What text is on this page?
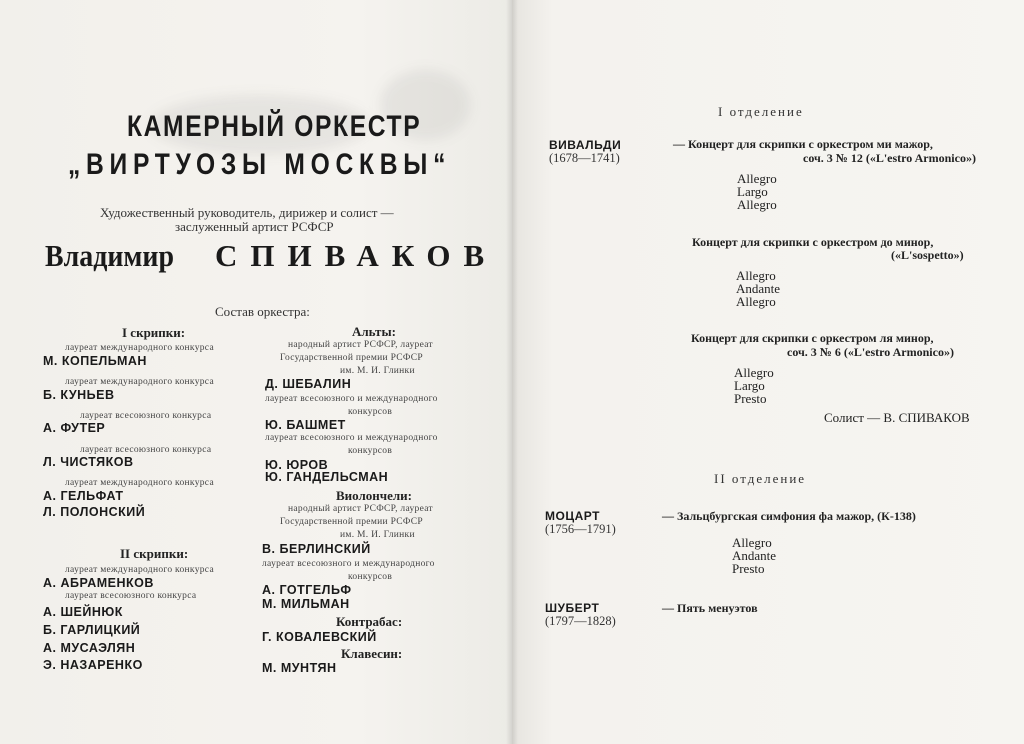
КАМЕРНЫЙ ОРКЕСТР
„ВИРТУОЗЫ МОСКВЫ“
Художественный руководитель, дирижер и солист —
заслуженный артист РСФСР
Владимир СПИВАКОВ
Состав оркестра:
I скрипки:
лауреат международного конкурса
М. КОПЕЛЬМАН
лауреат международного конкурса
Б. КУНЬЕВ
лауреат всесоюзного конкурса
А. ФУТЕР
лауреат всесоюзного конкурса
Л. ЧИСТЯКОВ
лауреат международного конкурса
А. ГЕЛЬФАТ
Л. ПОЛОНСКИЙ
II скрипки:
лауреат международного конкурса
А. АБРАМЕНКОВ
лауреат всесоюзного конкурса
А. ШЕЙНЮК
Б. ГАРЛИЦКИЙ
А. МУСАЭЛЯН
Э. НАЗАРЕНКО
Альты:
народный артист РСФСР, лауреат
Государственной премии РСФСР
им. М. И. Глинки
Д. ШЕБАЛИН
лауреат всесоюзного и международного
конкурсов
Ю. БАШМЕТ
лауреат всесоюзного и международного
конкурсов
Ю. ЮРОВ
Ю. ГАНДЕЛЬСМАН
Виолончели:
народный артист РСФСР, лауреат
Государственной премии РСФСР
им. М. И. Глинки
В. БЕРЛИНСКИЙ
лауреат всесоюзного и международного
конкурсов
А. ГОТГЕЛЬФ
М. МИЛЬМАН
Контрабас:
Г. КОВАЛЕВСКИЙ
Клавесин:
М. МУНТЯН
I отделение
ВИВАЛЬДИ
(1678—1741)
— Концерт для скрипки с оркестром ми мажор,
соч. 3 № 12 («L'estro Armonico»)
Allegro
Largo
Allegro
Концерт для скрипки с оркестром до минор,
(«L'sospetto»)
Allegro
Andante
Allegro
Концерт для скрипки с оркестром ля минор,
соч. 3 № 6 («L'estro Armonico»)
Allegro
Largo
Presto
Солист — В. СПИВАКОВ
II отделение
МОЦАРТ
(1756—1791)
— Зальцбургская симфония фа мажор, (К-138)
Allegro
Andante
Presto
ШУБЕРТ
(1797—1828)
— Пять менуэтов
